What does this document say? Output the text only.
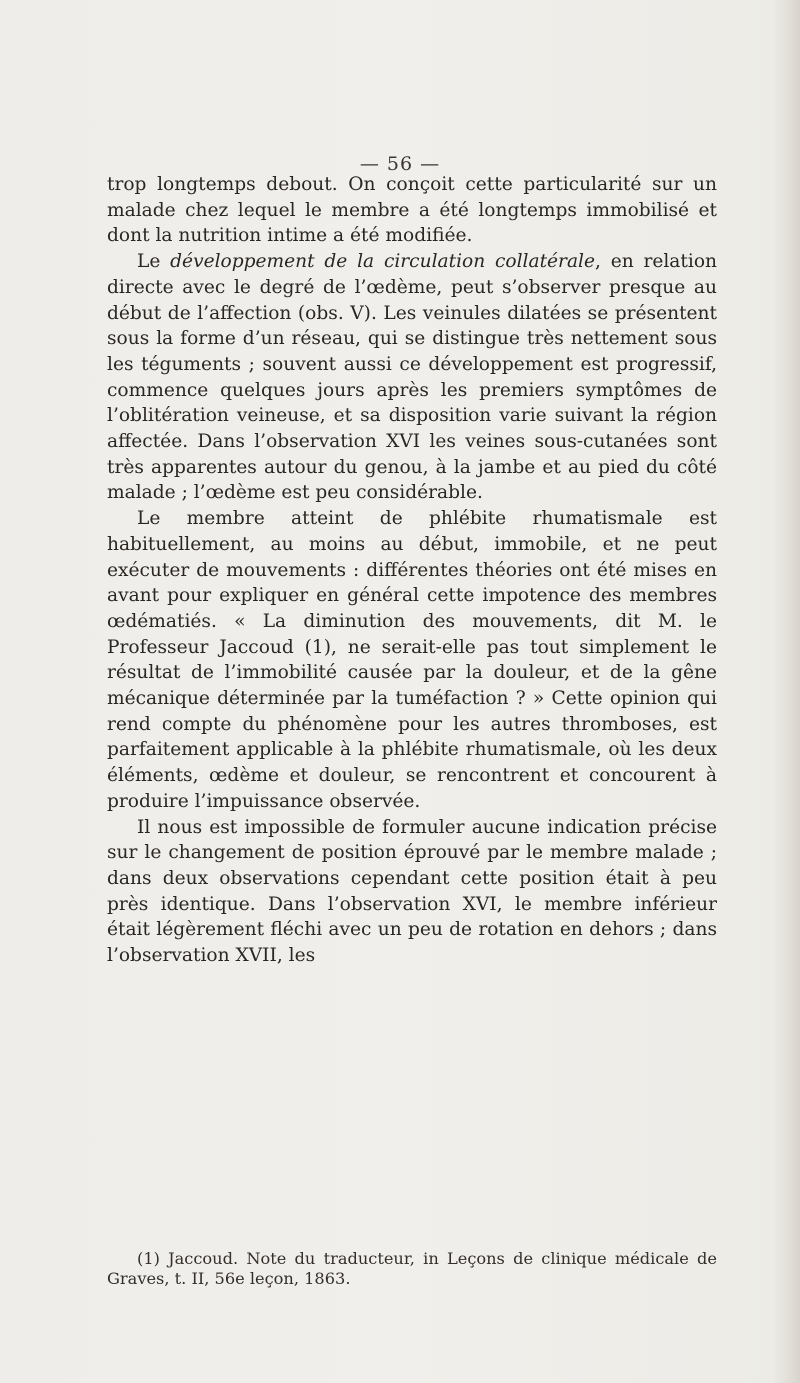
— 56 —

trop longtemps debout. On conçoit cette particularité sur un malade chez lequel le membre a été longtemps immobilisé et dont la nutrition intime a été modifiée.

Le développement de la circulation collatérale, en relation directe avec le degré de l’œdème, peut s’observer presque au début de l’affection (obs. V). Les veinules dilatées se présentent sous la forme d’un réseau, qui se distingue très nettement sous les téguments ; souvent aussi ce développement est progressif, commence quelques jours après les premiers symptômes de l’oblitération veineuse, et sa disposition varie suivant la région affectée. Dans l’observation XVI les veines sous-cutanées sont très apparentes autour du genou, à la jambe et au pied du côté malade ; l’œdème est peu considérable.

Le membre atteint de phlébite rhumatismale est habituellement, au moins au début, immobile, et ne peut exécuter de mouvements : différentes théories ont été mises en avant pour expliquer en général cette impotence des membres œdématiés. « La diminution des mouvements, dit M. le Professeur Jaccoud (1), ne serait-elle pas tout simplement le résultat de l’immobilité causée par la douleur, et de la gêne mécanique déterminée par la tuméfaction ? » Cette opinion qui rend compte du phénomène pour les autres thromboses, est parfaitement applicable à la phlébite rhumatismale, où les deux éléments, œdème et douleur, se rencontrent et concourent à produire l’impuissance observée.

Il nous est impossible de formuler aucune indication précise sur le changement de position éprouvé par le membre malade ; dans deux observations cependant cette position était à peu près identique. Dans l’observation XVI, le membre inférieur était légèrement fléchi avec un peu de rotation en dehors ; dans l’observation XVII, les

(1) Jaccoud. Note du traducteur, in Leçons de clinique médicale de Graves, t. II, 56e leçon, 1863.
